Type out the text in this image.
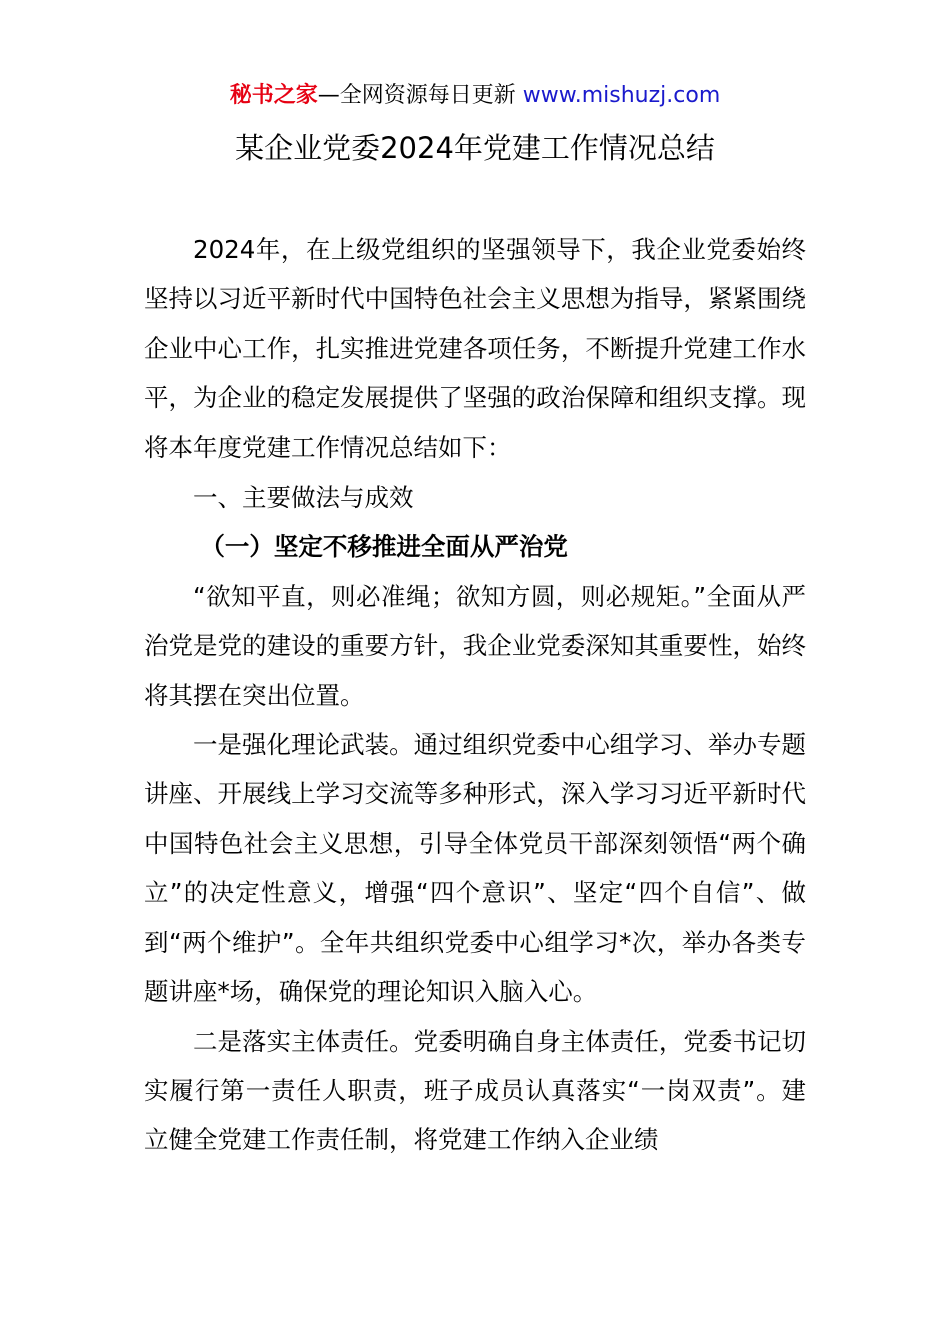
秘书之家—全网资源每日更新 www.mishuzj.com
某企业党委2024年党建工作情况总结

2024年，在上级党组织的坚强领导下，我企业党委始终坚持以习近平新时代中国特色社会主义思想为指导，紧紧围绕企业中心工作，扎实推进党建各项任务，不断提升党建工作水平，为企业的稳定发展提供了坚强的政治保障和组织支撑。现将本年度党建工作情况总结如下：

一、主要做法与成效

（一）坚定不移推进全面从严治党

“欲知平直，则必准绳；欲知方圆，则必规矩。”全面从严治党是党的建设的重要方针，我企业党委深知其重要性，始终将其摆在突出位置。

一是强化理论武装。通过组织党委中心组学习、举办专题讲座、开展线上学习交流等多种形式，深入学习习近平新时代中国特色社会主义思想，引导全体党员干部深刻领悟“两个确立”的决定性意义，增强“四个意识”、坚定“四个自信”、做到“两个维护”。全年共组织党委中心组学习*次，举办各类专题讲座*场，确保党的理论知识入脑入心。

二是落实主体责任。党委明确自身主体责任，党委书记切实履行第一责任人职责，班子成员认真落实“一岗双责”。建立健全党建工作责任制，将党建工作纳入企业绩
